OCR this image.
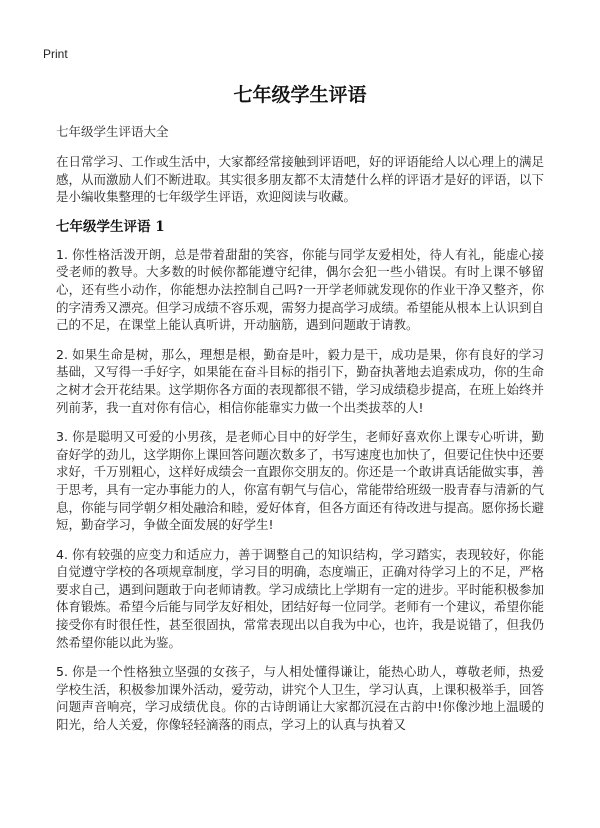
Print
七年级学生评语

七年级学生评语大全

在日常学习、工作或生活中，大家都经常接触到评语吧，好的评语能给人以心理上的满足感，从而激励人们不断进取。其实很多朋友都不太清楚什么样的评语才是好的评语，以下是小编收集整理的七年级学生评语，欢迎阅读与收藏。

七年级学生评语 1

1. 你性格活泼开朗，总是带着甜甜的笑容，你能与同学友爱相处，待人有礼，能虚心接受老师的教导。大多数的时候你都能遵守纪律，偶尔会犯一些小错误。有时上课不够留心，还有些小动作，你能想办法控制自己吗?一开学老师就发现你的作业干净又整齐，你的字清秀又漂亮。但学习成绩不容乐观，需努力提高学习成绩。希望能从根本上认识到自己的不足，在课堂上能认真听讲，开动脑筋，遇到问题敢于请教。

2. 如果生命是树，那么，理想是根，勤奋是叶，毅力是干，成功是果，你有良好的学习基础，又写得一手好字，如果能在奋斗目标的指引下，勤奋执著地去追索成功，你的生命之树才会开花结果。这学期你各方面的表现都很不错，学习成绩稳步提高，在班上始终并列前茅，我一直对你有信心，相信你能靠实力做一个出类拔萃的人!

3. 你是聪明又可爱的小男孩，是老师心目中的好学生，老师好喜欢你上课专心听讲，勤奋好学的劲儿，这学期你上课回答问题次数多了，书写速度也加快了，但要记住快中还要求好，千万别粗心，这样好成绩会一直跟你交朋友的。你还是一个敢讲真话能做实事，善于思考，具有一定办事能力的人，你富有朝气与信心，常能带给班级一股青春与清新的气息，你能与同学朝夕相处融洽和睦，爱好体育，但各方面还有待改进与提高。愿你扬长避短，勤奋学习，争做全面发展的好学生!

4. 你有较强的应变力和适应力，善于调整自己的知识结构，学习踏实，表现较好，你能自觉遵守学校的各项规章制度，学习目的明确，态度端正，正确对待学习上的不足，严格要求自己，遇到问题敢于向老师请教。学习成绩比上学期有一定的进步。平时能积极参加体育锻炼。希望今后能与同学友好相处，团结好每一位同学。老师有一个建议，希望你能接受你有时很任性，甚至很固执，常常表现出以自我为中心，也许，我是说错了，但我仍然希望你能以此为鉴。

5. 你是一个性格独立坚强的女孩子，与人相处懂得谦让，能热心助人，尊敬老师，热爱学校生活，积极参加课外活动，爱劳动，讲究个人卫生，学习认真，上课积极举手，回答问题声音响亮，学习成绩优良。你的古诗朗诵让大家都沉浸在古韵中!你像沙地上温暖的阳光，给人关爱，你像轻轻滴落的雨点，学习上的认真与执着又
